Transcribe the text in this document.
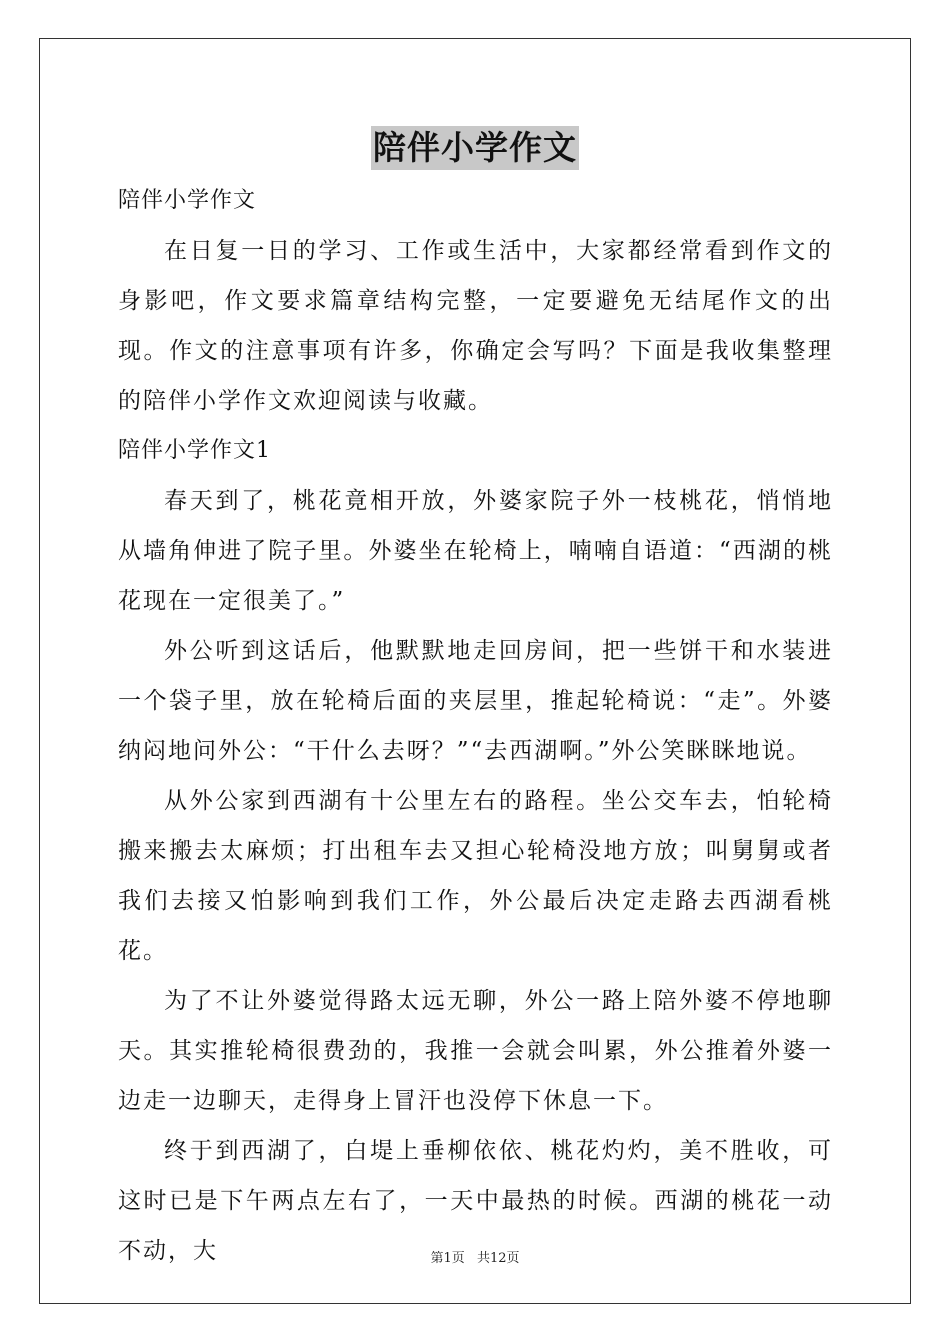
陪伴小学作文

陪伴小学作文

在日复一日的学习、工作或生活中，大家都经常看到作文的身影吧，作文要求篇章结构完整，一定要避免无结尾作文的出现。作文的注意事项有许多，你确定会写吗？下面是我收集整理的陪伴小学作文欢迎阅读与收藏。

陪伴小学作文1

春天到了，桃花竟相开放，外婆家院子外一枝桃花，悄悄地从墙角伸进了院子里。外婆坐在轮椅上，喃喃自语道：“西湖的桃花现在一定很美了。”

外公听到这话后，他默默地走回房间，把一些饼干和水装进一个袋子里，放在轮椅后面的夹层里，推起轮椅说：“走”。外婆纳闷地问外公：“干什么去呀？”“去西湖啊。”外公笑眯眯地说。

从外公家到西湖有十公里左右的路程。坐公交车去，怕轮椅搬来搬去太麻烦；打出租车去又担心轮椅没地方放；叫舅舅或者我们去接又怕影响到我们工作，外公最后决定走路去西湖看桃花。

为了不让外婆觉得路太远无聊，外公一路上陪外婆不停地聊天。其实推轮椅很费劲的，我推一会就会叫累，外公推着外婆一边走一边聊天，走得身上冒汗也没停下休息一下。

终于到西湖了，白堤上垂柳依依、桃花灼灼，美不胜收，可这时已是下午两点左右了，一天中最热的时候。西湖的桃花一动不动，大	第1页 共12页
